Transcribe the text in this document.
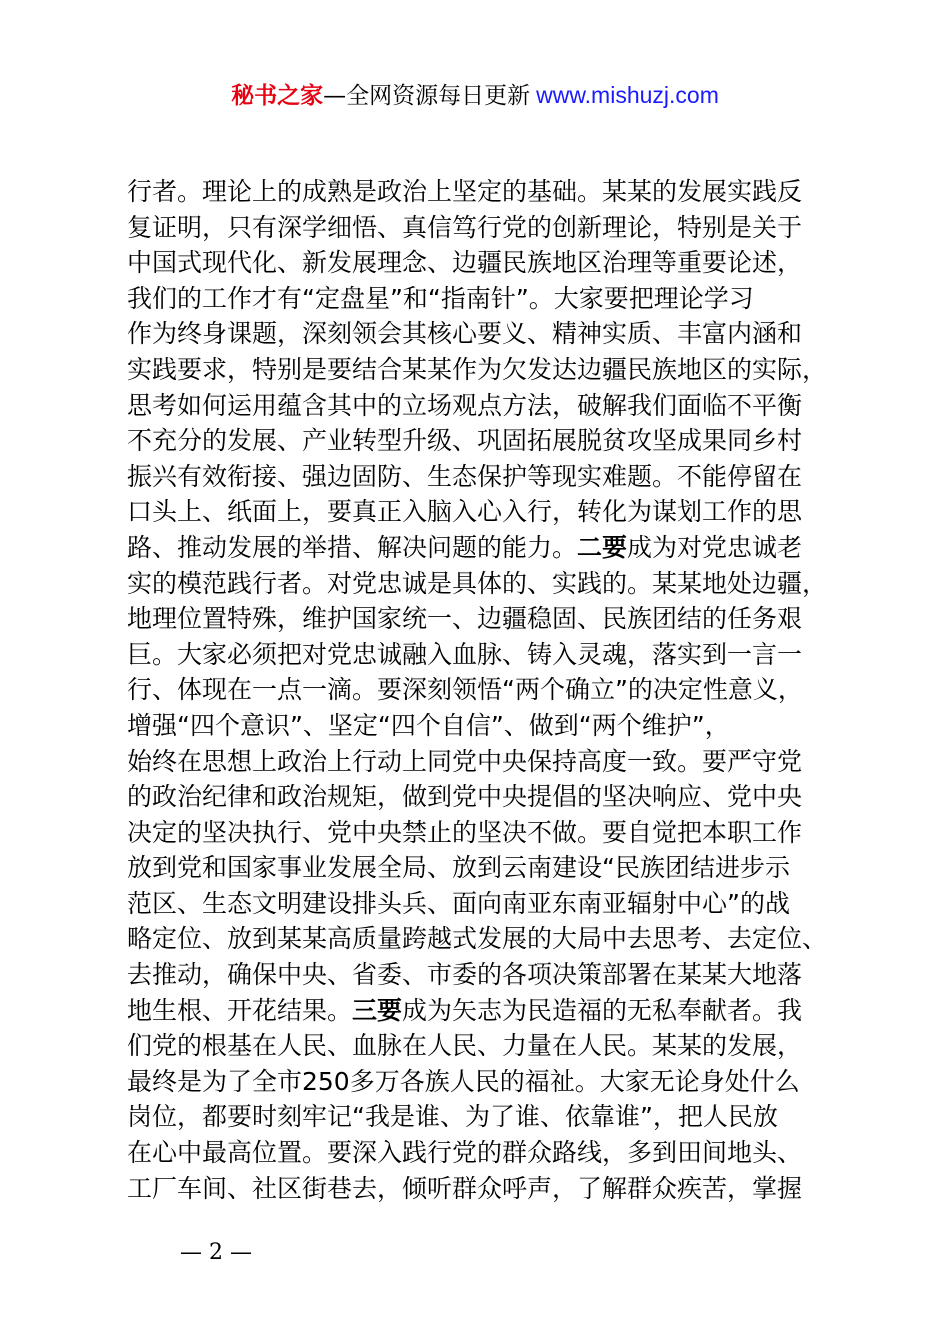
秘书之家—全网资源每日更新 www.mishuzj.com
行者。理论上的成熟是政治上坚定的基础。某某的发展实践反
复证明，只有深学细悟、真信笃行党的创新理论，特别是关于
中国式现代化、新发展理念、边疆民族地区治理等重要论述，
我们的工作才有“定盘星”和“指南针”。大家要把理论学习
作为终身课题，深刻领会其核心要义、精神实质、丰富内涵和
实践要求，特别是要结合某某作为欠发达边疆民族地区的实际，
思考如何运用蕴含其中的立场观点方法，破解我们面临不平衡
不充分的发展、产业转型升级、巩固拓展脱贫攻坚成果同乡村
振兴有效衔接、强边固防、生态保护等现实难题。不能停留在
口头上、纸面上，要真正入脑入心入行，转化为谋划工作的思
路、推动发展的举措、解决问题的能力。二要成为对党忠诚老
实的模范践行者。对党忠诚是具体的、实践的。某某地处边疆，
地理位置特殊，维护国家统一、边疆稳固、民族团结的任务艰
巨。大家必须把对党忠诚融入血脉、铸入灵魂，落实到一言一
行、体现在一点一滴。要深刻领悟“两个确立”的决定性意义，
增强“四个意识”、坚定“四个自信”、做到“两个维护”，
始终在思想上政治上行动上同党中央保持高度一致。要严守党
的政治纪律和政治规矩，做到党中央提倡的坚决响应、党中央
决定的坚决执行、党中央禁止的坚决不做。要自觉把本职工作
放到党和国家事业发展全局、放到云南建设“民族团结进步示
范区、生态文明建设排头兵、面向南亚东南亚辐射中心”的战
略定位、放到某某高质量跨越式发展的大局中去思考、去定位、
去推动，确保中央、省委、市委的各项决策部署在某某大地落
地生根、开花结果。三要成为矢志为民造福的无私奉献者。我
们党的根基在人民、血脉在人民、力量在人民。某某的发展，
最终是为了全市250多万各族人民的福祉。大家无论身处什么
岗位，都要时刻牢记“我是谁、为了谁、依靠谁”，把人民放
在心中最高位置。要深入践行党的群众路线，多到田间地头、
工厂车间、社区街巷去，倾听群众呼声，了解群众疾苦，掌握
— 2 —
